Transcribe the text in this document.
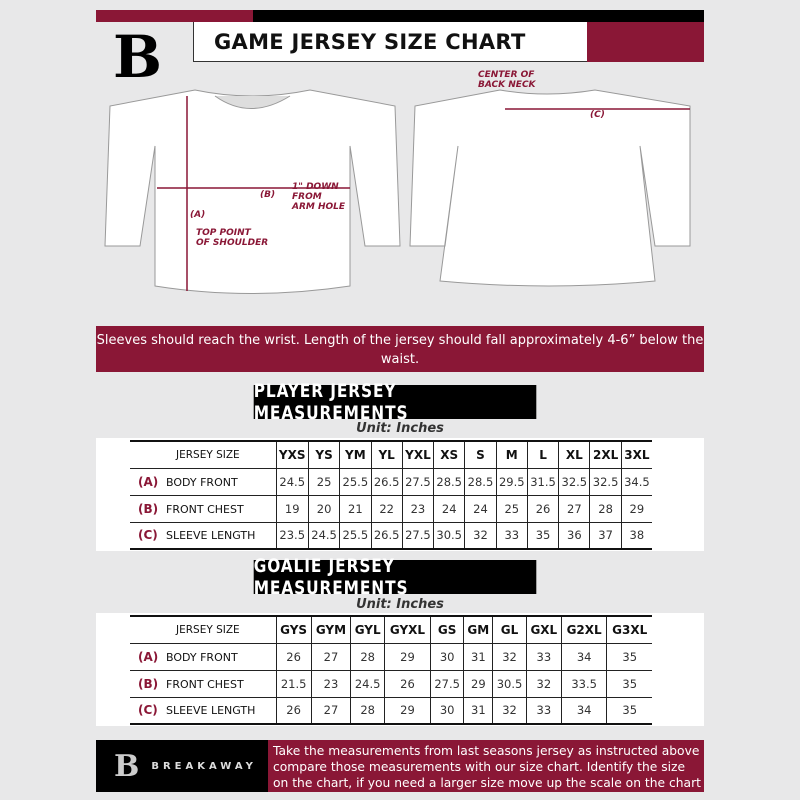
B	GAME JERSEY SIZE CHART
(B)
1" DOWN
FROM
ARM HOLE
(A)
TOP POINT
OF SHOULDER
CENTER OF
BACK NECK
(C)
Sleeves should reach the wrist. Length of the jersey should fall approximately 4-6” below the waist.
PLAYER JERSEY MEASUREMENTS
Unit: Inches
JERSEY SIZE	YXS	YS	YM	YL	YXL	XS	S	M	L	XL	2XL	3XL
(A) BODY FRONT	24.5	25	25.5	26.5	27.5	28.5	28.5	29.5	31.5	32.5	32.5	34.5
(B) FRONT CHEST	19	20	21	22	23	24	24	25	26	27	28	29
(C) SLEEVE LENGTH	23.5	24.5	25.5	26.5	27.5	30.5	32	33	35	36	37	38
GOALIE JERSEY MEASUREMENTS
Unit: Inches
JERSEY SIZE	GYS	GYM	GYL	GYXL	GS	GM	GL	GXL	G2XL	G3XL
(A) BODY FRONT	26	27	28	29	30	31	32	33	34	35
(B) FRONT CHEST	21.5	23	24.5	26	27.5	29	30.5	32	33.5	35
(C) SLEEVE LENGTH	26	27	28	29	30	31	32	33	34	35
B BREAKAWAY
Take the measurements from last seasons jersey as instructed above compare those measurements with our size chart. Identify the size on the chart, if you need a larger size move up the scale on the chart
